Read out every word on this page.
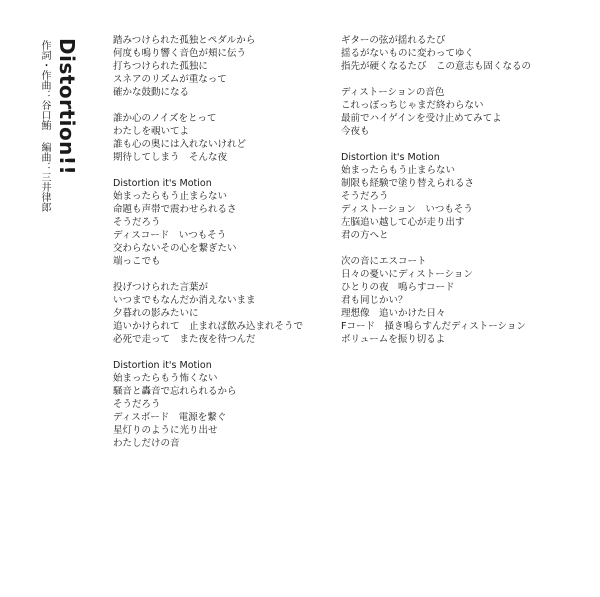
Distortion!!
作詞・作曲：谷口鮪編曲：三井律郎
踏みつけられた孤独とペダルから
何度も鳴り響く音色が頬に伝う
打ちつけられた孤独に
スネアのリズムが重なって
確かな鼓動になる
誰か心のノイズをとって
わたしを覗いてよ
誰も心の奥には入れないけれど
期待してしまう　そんな夜
Distortion it's Motion
始まったらもう止まらない
命題も声帯で震わせられるさ
そうだろう
ディスコード　いつもそう
交わらないその心を繋ぎたい
端っこでも
投げつけられた言葉が
いつまでもなんだか消えないまま
夕暮れの影みたいに
追いかけられて　止まれば飲み込まれそうで
必死で走って　また夜を待つんだ
Distortion it's Motion
始まったらもう怖くない
騒音と轟音で忘れられるから
そうだろう
ディスボード　電源を繋ぐ
星灯りのように光り出せ
わたしだけの音
ギターの弦が揺れるたび
揺るがないものに変わってゆく
指先が硬くなるたび　この意志も固くなるの
ディストーションの音色
これっぽっちじゃまだ終わらない
最前でハイゲインを受け止めてみてよ
今夜も
Distortion it's Motion
始まったらもう止まらない
制限も経験で塗り替えられるさ
そうだろう
ディストーション　いつもそう
左脳追い越して心が走り出す
君の方へと
次の音にエスコート
日々の憂いにディストーション
ひとりの夜　鳴らすコード
君も同じかい？
理想像　追いかけた日々
Fコード　掻き鳴らすんだディストーション
ボリュームを振り切るよ
